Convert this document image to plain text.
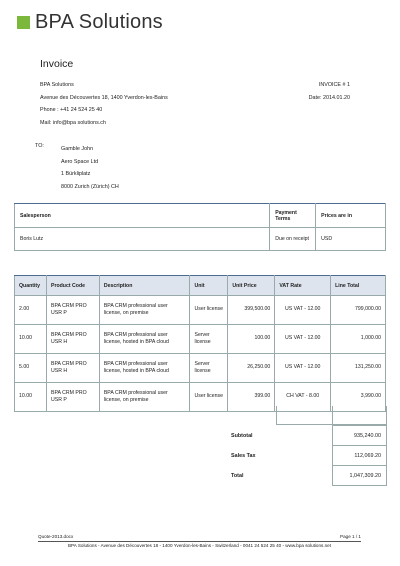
BPA Solutions
Invoice
BPA Solutions
Avenue des Découvertes 18, 1400 Yverdon-les-Bains
Phone : +41 24 524 25 40
Mail: info@bpa solutions.ch
INVOICE # 1
Date: 2014.01.20
TO:	Gamble John
Aero Space Ltd
1 Bürkliplatz
8000 Zurich (Zürich) CH
Salesperson	Payment Terms	Prices are in
Boris Lutz	Due on receipt	USD
Quantity	Product Code	Description	Unit	Unit Price	VAT Rate	Line Total
2.00	BPA CRM PRO USR P	BPA CRM professional user license, on premise	User license	399,500.00	US VAT - 12.00	799,000.00
10.00	BPA CRM PRO USR H	BPA CRM professional user license, hosted in BPA cloud	Server license	100.00	US VAT - 12.00	1,000.00
5.00	BPA CRM PRO USR H	BPA CRM professional user license, hosted in BPA cloud	Server license	26,250.00	US VAT - 12.00	131,250.00
10.00	BPA CRM PRO USR P	BPA CRM professional user license, on premise	User license	399.00	CH VAT - 8.00	3,990.00
Subtotal	935,240.00
Sales Tax	112,069.20
Total	1,047,309.20
Quote-2013.docx	Page 1 / 1
BPA Solutions - Avenue des Découvertes 18 - 1400 Yverdon-les-Bains - Switzerland - 0041 24 524 25 40 - www.bpa solutions.net
